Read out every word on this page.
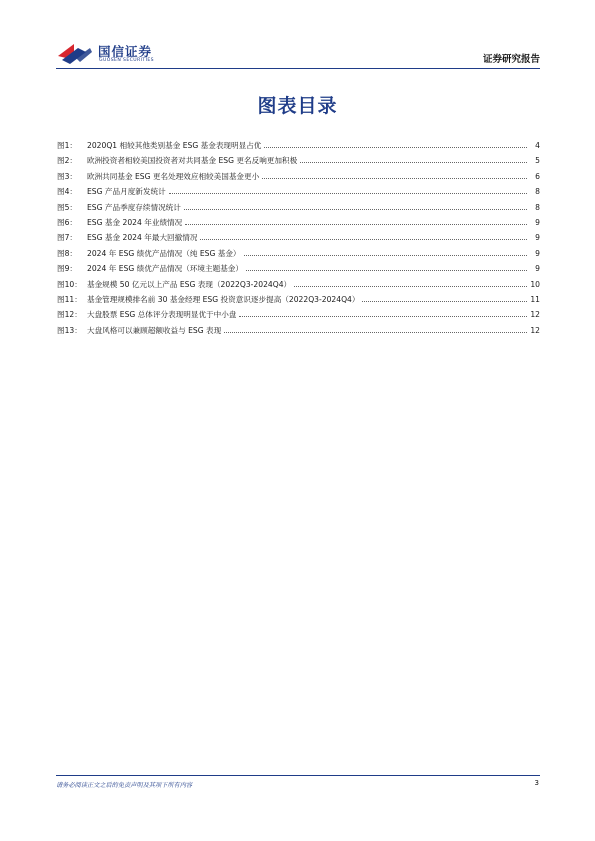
国信证券
GUOSEN SECURITIES	证券研究报告
图表目录
图1：	2020Q1 相较其他类别基金 ESG 基金表现明显占优	4
图2：	欧洲投资者相较美国投资者对共同基金 ESG 更名反响更加积极	5
图3：	欧洲共同基金 ESG 更名处理效应相较美国基金更小	6
图4：	ESG 产品月度新发统计	8
图5：	ESG 产品季度存续情况统计	8
图6：	ESG 基金 2024 年业绩情况	9
图7：	ESG 基金 2024 年最大回撤情况	9
图8：	2024 年 ESG 绩优产品情况（纯 ESG 基金）	9
图9：	2024 年 ESG 绩优产品情况（环境主题基金）	9
图10： 基金规模 50 亿元以上产品 ESG 表现（2022Q3-2024Q4）	10
图11： 基金管理规模排名前 30 基金经理 ESG 投资意识逐步提高（2022Q3-2024Q4）	11
图12： 大盘股票 ESG 总体评分表现明显优于中小盘	12
图13： 大盘风格可以兼顾超额收益与 ESG 表现	12
请务必阅读正文之后的免责声明及其项下所有内容	3
